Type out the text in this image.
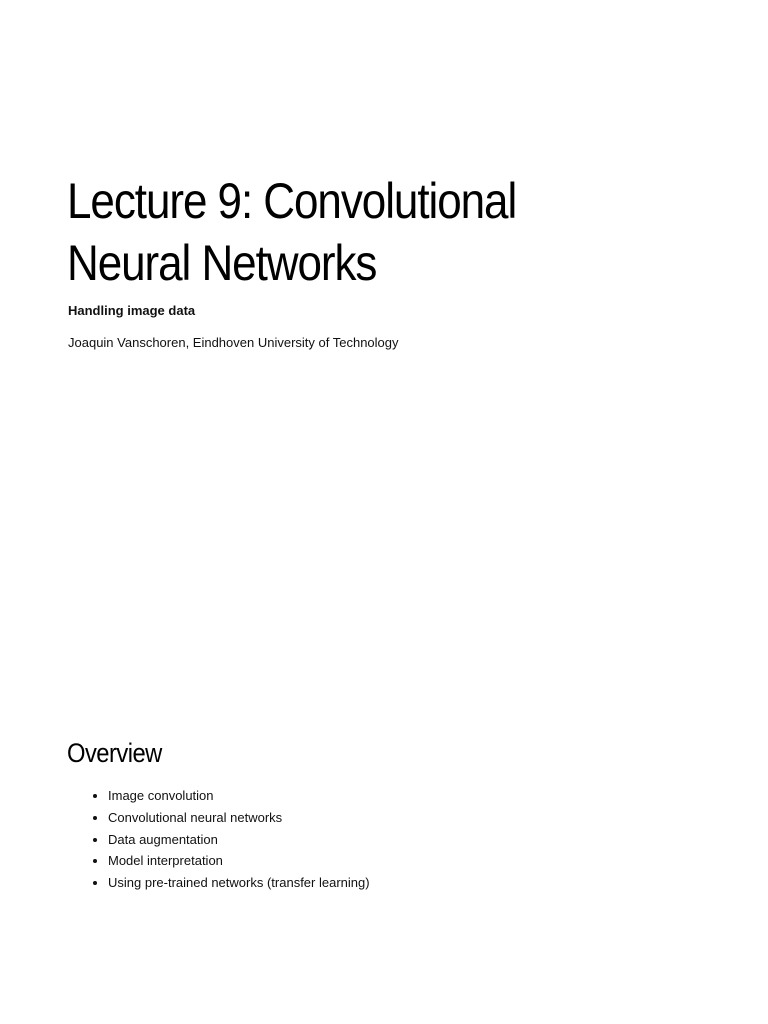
Lecture 9: Convolutional Neural Networks

Handling image data

Joaquin Vanschoren, Eindhoven University of Technology

Overview
• Image convolution
• Convolutional neural networks
• Data augmentation
• Model interpretation
• Using pre-trained networks (transfer learning)
